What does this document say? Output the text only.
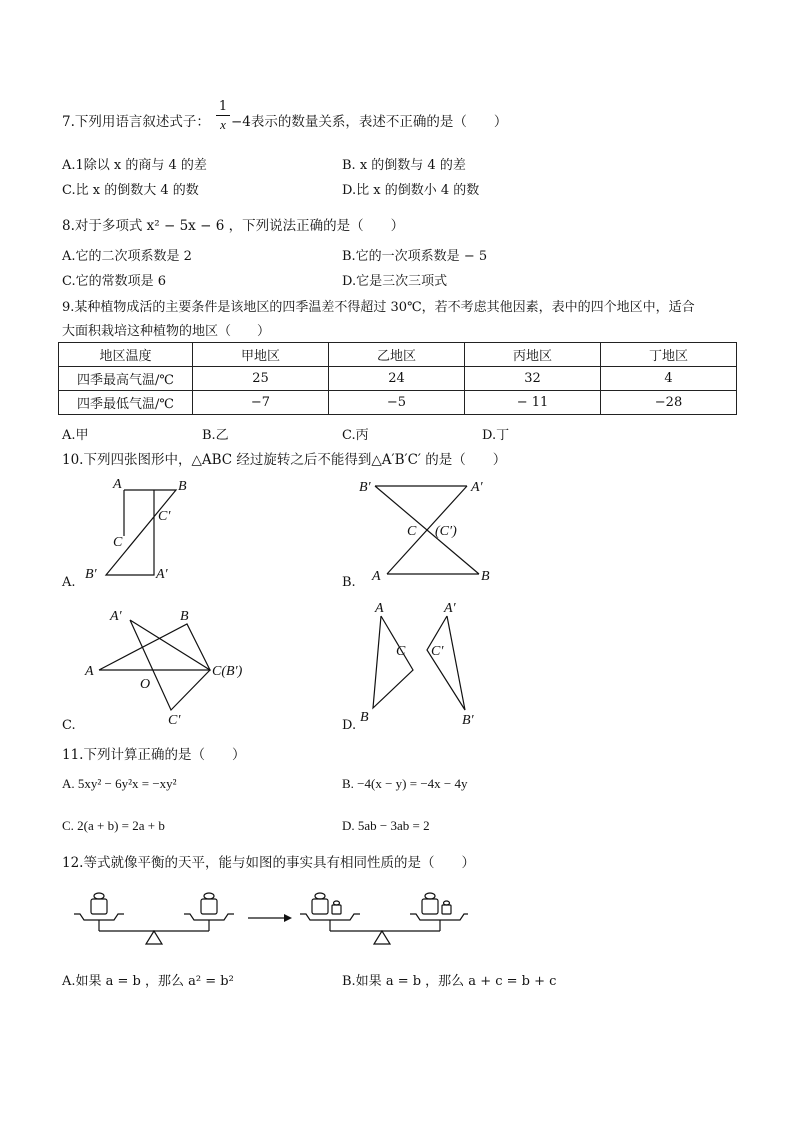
7.下列用语言叙述式子： $\frac{1}{x} -4$表示的数量关系，表述不正确的是（　　）
A.1除以 x 的商与 4 的差	B. x 的倒数与 4 的差
C.比 x 的倒数大 4 的数	D.比 x 的倒数小 4 的数
8.对于多项式 x² − 5x − 6 ，下列说法正确的是（　　）
A.它的二次项系数是 2	B.它的一次项系数是 − 5
C.它的常数项是 6	D.它是三次三项式
9.某种植物成活的主要条件是该地区的四季温差不得超过 30℃，若不考虑其他因素，表中的四个地区中，适合
大面积栽培这种植物的地区（　　）
地区温度	甲地区	乙地区	丙地区	丁地区
四季最高气温/℃	25	24	32	4
四季最低气温/℃	−7	−5	− 11	−28
A.甲	B.乙	C.丙	D.丁
10.下列四张图形中，△ABC 经过旋转之后不能得到△A′B′C′ 的是（　　）
A.
A	B
C′
C
B′	A′
B.
B′	A′
C (C′)
A	B
C.
A′	B
A
O
C(B′)
C′	D.
A
C
B
A′
C′
B′
11.下列计算正确的是（　　）
A. 5xy² − 6y²x = −xy²	B. −4(x − y) = −4x − 4y
C. 2(a + b) = 2a + b	D. 5ab − 3ab = 2
12.等式就像平衡的天平，能与如图的事实具有相同性质的是（　　）
A.如果 a = b ，那么 a² = b²	B.如果 a = b ，那么 a + c = b + c
